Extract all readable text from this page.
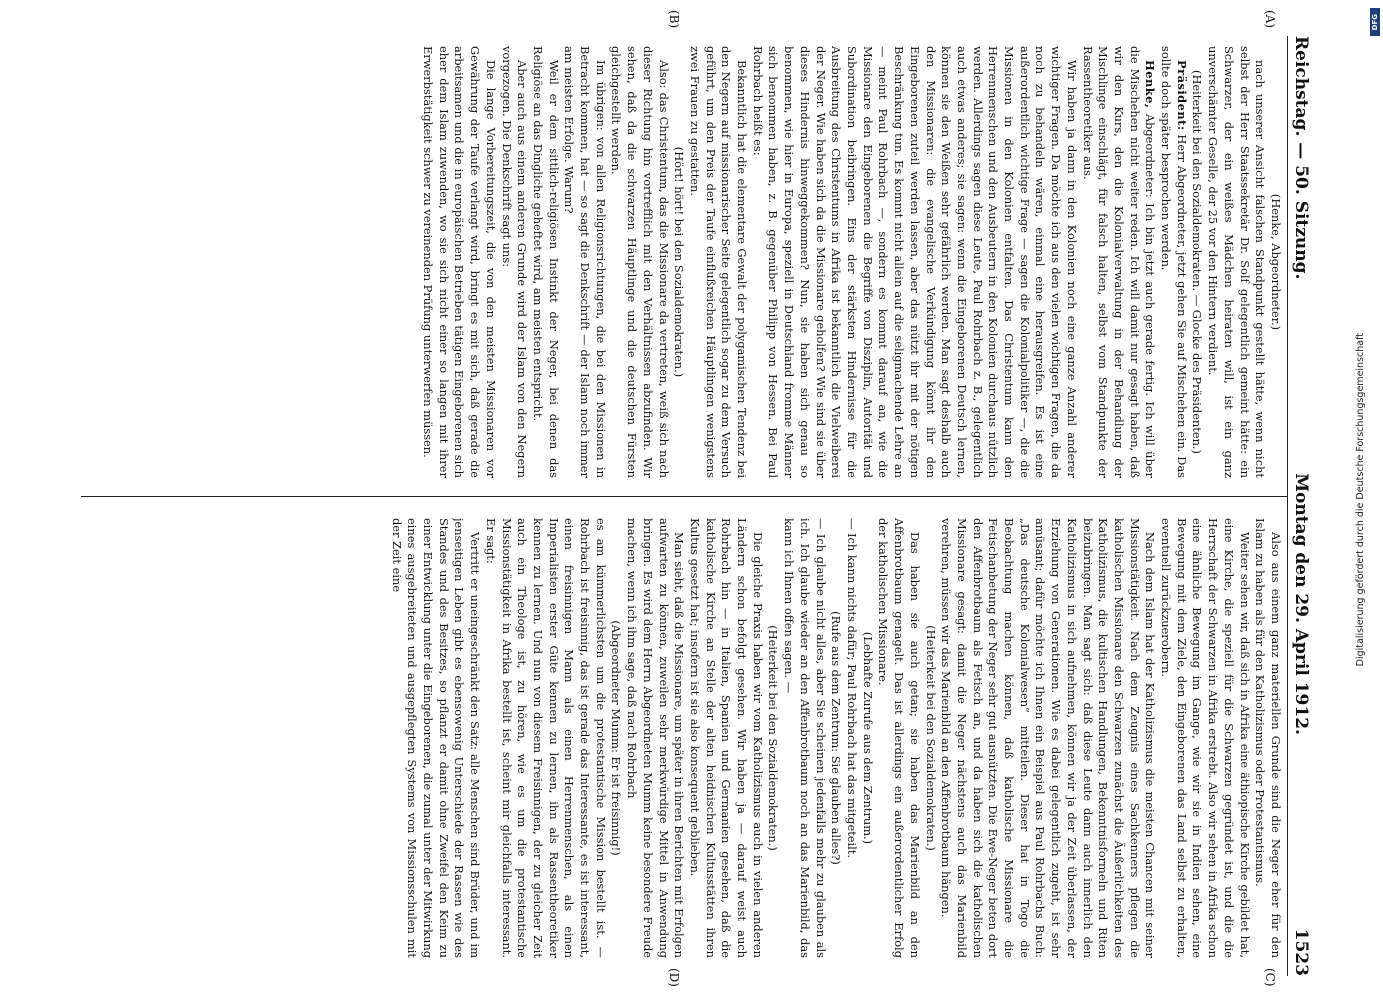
Reichstag. — 50. Sitzung.
Montag den 29. April 1912.
1523
(A)
(B)
(C)
(D)

(Henke, Abgeordneter.)

nach unserer Ansicht falschen Standpunkt gestellt hätte, wenn nicht selbst der Herr Staatssekretär Dr. Solf gelegentlich gemeint hätte: ein Schwarzer, der ein weißes Mädchen heiraten will, ist ein ganz unverschämter Geselle, der 25 vor den Hintern verdient.

(Heiterkeit bei den Sozialdemokraten. — Glocke des Präsidenten.)

Präsident: Herr Abgeordneter, jetzt gehen Sie auf Mischehen ein. Das sollte doch später besprochen werden.

Henke, Abgeordneter: Ich bin jetzt auch gerade fertig. Ich will über die Mischehen nicht weiter reden. Ich will damit nur gesagt haben, daß wir den Kurs, den die Kolonialverwaltung in der Behandlung der Mischlinge einschlägt, für falsch halten, selbst vom Standpunkte der Rassentheoretiker aus.

Wir haben ja dann in den Kolonien noch eine ganze Anzahl anderer wichtiger Fragen. Da möchte ich aus den vielen wichtigen Fragen, die da noch zu behandeln wären, einmal eine herausgreifen. Es ist eine außerordentlich wichtige Frage — sagen die Kolonialpolitiker —, die die Missionen in den Kolonien entfalten. Das Christentum kann den Herrenmenschen und den Ausbeutern in den Kolonien durchaus nützlich werden. Allerdings sagen diese Leute, Paul Rohrbach z. B., gelegentlich auch etwas anderes; sie sagen: wenn die Eingeborenen Deutsch lernen, können sie den Weißen sehr gefährlich werden. Man sagt deshalb auch den Missionaren: die evangelische Verkündigung könnt ihr den Eingeborenen zuteil werden lassen, aber das nützt ihr mit der nötigen Beschränkung tun. Es kommt nicht allein auf die seligmachende Lehre an — meint Paul Rohrbach —, sondern es kommt darauf an, wie die Missionare den Eingeborenen die Begriffe von Disziplin, Autorität und Subordination beibringen. Eins der stärksten Hindernisse für die Ausbreitung des Christentums in Afrika ist bekanntlich die Vielweiberei der Neger. Wie haben sich da die Missionare geholfen? Wie sind sie über dieses Hindernis hinweggekommen? Nun, sie haben sich genau so benommen, wie hier in Europa, speziell in Deutschland fromme Männer sich benommen haben, z. B. gegenüber Philipp von Hessen. Bei Paul Rohrbach heißt es:

Bekanntlich hat die elementare Gewalt der polygamischen Tendenz bei den Negern auf missionarischer Seite gelegentlich sogar zu dem Versuch geführt, um den Preis der Taufe einflußreichen Häuptlingen wenigstens zwei Frauen zu gestatten.

(Hört! hört! bei den Sozialdemokraten.)

Also: das Christentum, das die Missionare da vertreten, weiß sich nach dieser Richtung hin vortrefflich mit den Verhältnissen abzufinden. Wir sehen, daß da die schwarzen Häuptlinge und die deutschen Fürsten gleichgestellt werden.

Im übrigen: von allen Religionsrichtungen, die bei den Missionen in Betracht kommen, hat — so sagt die Denkschrift — der Islam noch immer am meisten Erfolge. Warum?

Weil er dem sittlich-religiösen Instinkt der Neger, bei denen das Religiöse an das Dingliche geheftet wird, am meisten entspricht.

Aber auch aus einem anderen Grunde wird der Islam von den Negern vorgezogen. Die Denkschrift sagt uns:

Die lange Vorbereitungszeit, die von den meisten Missionaren vor Gewährung der Taufe verlangt wird, bringt es mit sich, daß gerade die arbeitsamen und die in europäischen Betrieben tätigen Eingeborenen sich eher dem Islam zuwenden, wo sie sich nicht einer so langen mit ihrer Erwerbstätigkeit schwer zu vereinenden Prüfung unterwerfen müssen.

Also aus einem ganz materiellen Grunde sind die Neger eher für den Islam zu haben als für den Katholizismus oder Protestantismus.

Weiter sehen wir, daß sich in Afrika eine äthiopische Kirche gebildet hat, eine Kirche, die speziell für die Schwarzen gegründet ist, und die die Herrschaft der Schwarzen in Afrika erstrebt. Also wir sehen in Afrika schon eine ähnliche Bewegung im Gange, wie wir sie in Indien sehen, eine Bewegung mit dem Ziele, den Eingeborenen das Land selbst zu erhalten, eventuell zurückzuerobern.

Nach dem Islam hat der Katholizismus die meisten Chancen mit seiner Missionstätigkeit. Nach dem Zeugnis eines Sachkenners pflegen die katholischen Missionare den Schwarzen zunächst die Äußerlichkeiten des Katholizismus, die kultischen Handlungen, Bekenntnisformeln und Riten beizubringen. Man sagt sich: daß diese Leute dann auch innerlich den Katholizismus in sich aufnehmen, können wir ja der Zeit überlassen, der Erziehung von Generationen. Wie es dabei gelegentlich zugeht, ist sehr amüsant; dafür möchte ich Ihnen ein Beispiel aus Paul Rohrbachs Buch: „Das deutsche Kolonialwesen“ mitteilen. Dieser hat in Togo die Beobachtung machen können, daß katholische Missionare die Fetischanbetung der Neger sehr gut ausnützten. Die Ewe-Neger beten dort den Affenbrotbaum als Fetisch an, und da haben sich die katholischen Missionare gesagt: damit die Neger nächstens auch das Marienbild verehren, müssen wir das Marienbild an den Affenbrotbaum hängen.

(Heiterkeit bei den Sozialdemokraten.)

Das haben sie auch getan; sie haben das Marienbild an den Affenbrotbaum genagelt. Das ist allerdings ein außerordentlicher Erfolg der katholischen Missionare.

(Lebhafte Zurufe aus dem Zentrum.)

— Ich kann nichts dafür; Paul Rohrbach hat das mitgeteilt.

(Rufe aus dem Zentrum: Sie glauben alles?)

— Ich glaube nicht alles, aber Sie scheinen jedenfalls mehr zu glauben als ich. Ich glaube wieder an den Affenbrotbaum noch an das Marienbild, das kann ich Ihnen offen sagen. —

(Heiterkeit bei den Sozialdemokraten.)

Die gleiche Praxis haben wir vom Katholizismus auch in vielen anderen Ländern schon befolgt gesehen. Wir haben ja — darauf weist auch Rohrbach hin — in Italien, Spanien und Germanien gesehen, daß die katholische Kirche an Stelle der alten heidnischen Kultusstätten ihren Kultus gesetzt hat; insofern ist sie also konsequent geblieben.

Man sieht, daß die Missionare, um später in ihren Berichten mit Erfolgen aufwarten zu können, zuweilen sehr merkwürdige Mittel in Anwendung bringen. Es wird dem Herrn Abgeordneten Mumm keine besondere Freude machen, wenn ich ihm sage, daß nach Rohrbach

(Abgeordneter Mumm: Er ist freisinnig!)

es am kümmerlichsten um die protestantische Mission bestellt ist. — Rohrbach ist freisinnig, das ist gerade das Interessante, es ist interessant, einen freisinnigen Mann als einen Herrenmenschen, als einen Imperialisten erster Güte kennen zu lernen, ihn als Rassentheoretiker kennen zu lernen. Und nun von diesem Freisinnigen, der zu gleicher Zeit auch ein Theologe ist, zu hören, wie es um die protestantische Missionstätigkeit in Afrika bestellt ist, scheint mir gleichfalls interessant. Er sagt:

Vertritt er uneingeschränkt den Satz: alle Menschen sind Brüder, und im jenseitigen Leben gibt es ebensowenig Unterschiede der Rassen wie des Standes und des Besitzes, so pflanzt er damit ohne Zweifel den Keim zu einer Entwicklung unter die Eingeborenen, die zumal unter der Mitwirkung eines ausgebreiteten und ausgepflegten Systems von Missionsschulen mit der Zeit eine	Digitalisierung gefördert durch die Deutsche Forschungsgemeinschaft
DFG
